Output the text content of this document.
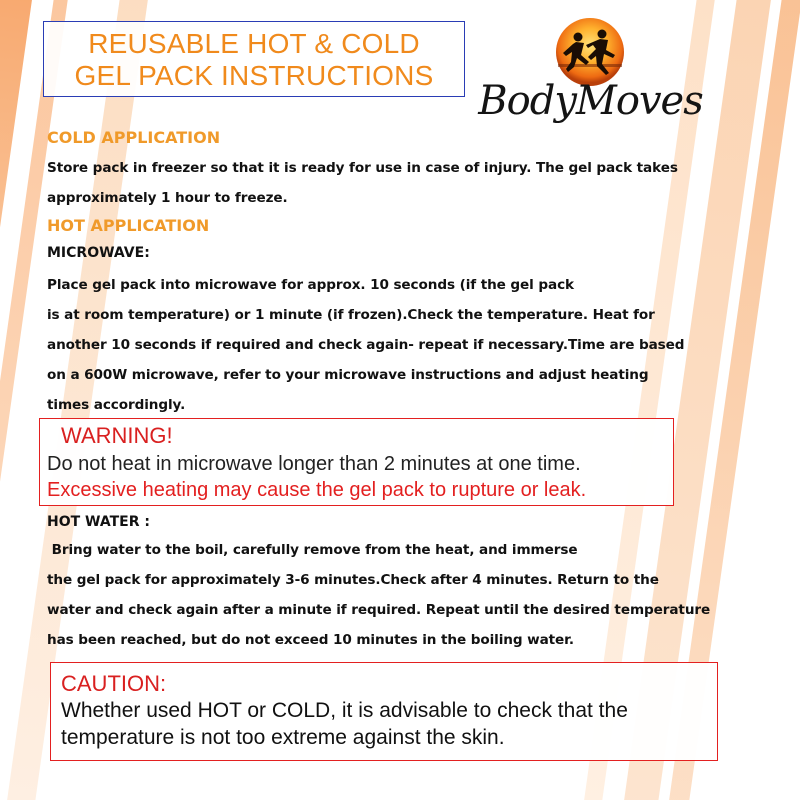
REUSABLE HOT & COLD
GEL PACK INSTRUCTIONS
BodyMoves
COLD APPLICATION
Store pack in freezer so that it is ready for use in case of injury. The gel pack takes
approximately 1 hour to freeze.
HOT APPLICATION
MICROWAVE:
Place gel pack into microwave for approx. 10 seconds (if the gel pack
is at room temperature) or 1 minute (if frozen).Check the temperature. Heat for
another 10 seconds if required and check again- repeat if necessary.Time are based
on a 600W microwave, refer to your microwave instructions and adjust heating
times accordingly.
WARNING!
Do not heat in microwave longer than 2 minutes at one time.
Excessive heating may cause the gel pack to rupture or leak.
HOT WATER :
Bring water to the boil, carefully remove from the heat, and immerse
the gel pack for approximately 3-6 minutes.Check after 4 minutes. Return to the
water and check again after a minute if required. Repeat until the desired temperature
has been reached, but do not exceed 10 minutes in the boiling water.
CAUTION:
Whether used HOT or COLD, it is advisable to check that the
temperature is not too extreme against the skin.
